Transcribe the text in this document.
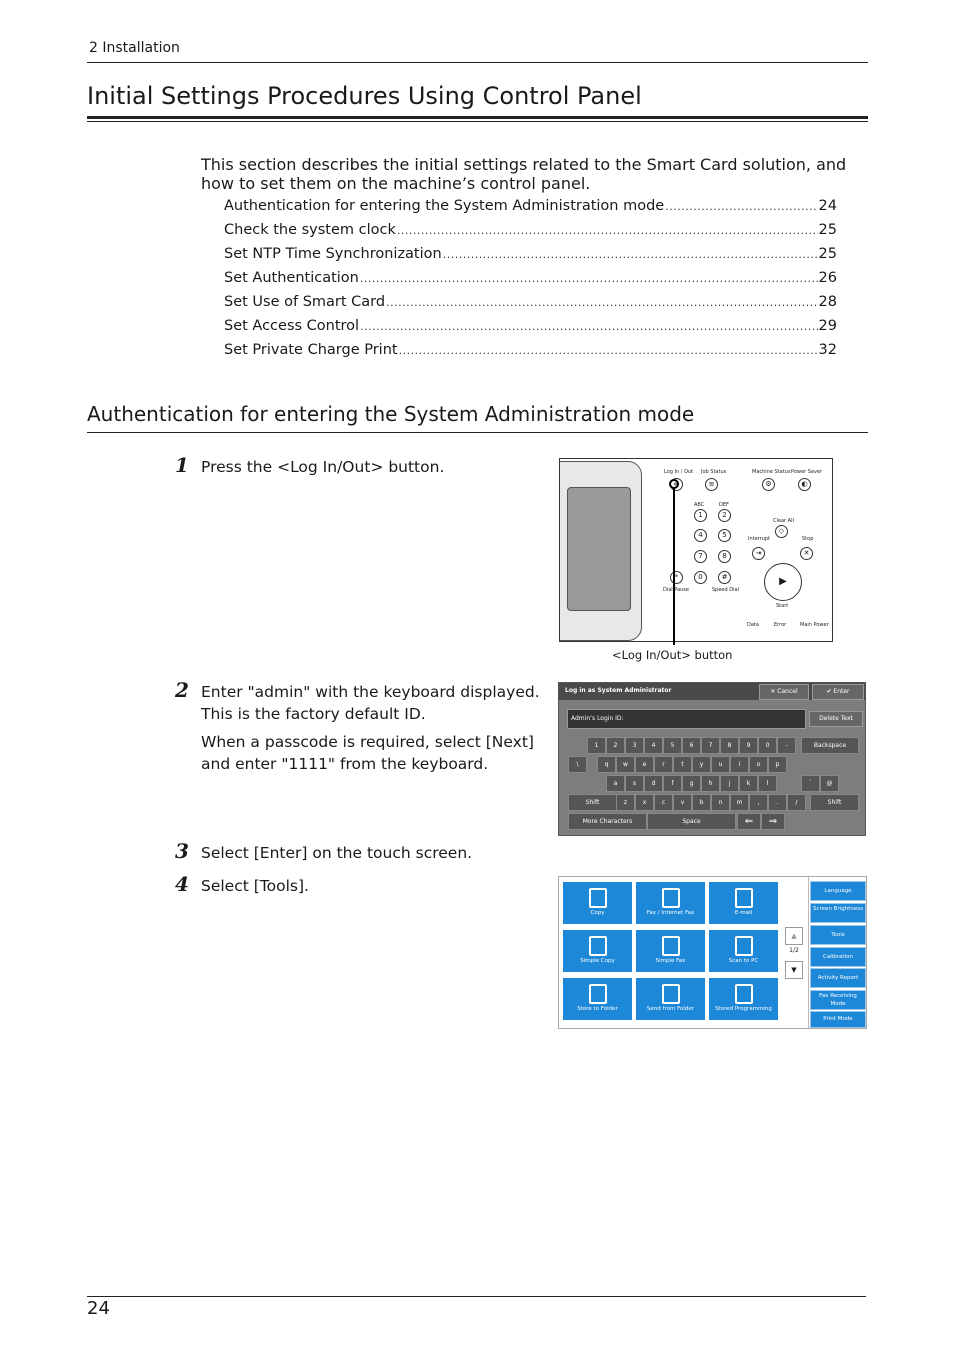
2 Installation
Initial Settings Procedures Using Control Panel
This section describes the initial settings related to the Smart Card solution, and how to set them on the machine’s control panel.
Authentication for entering the System Administration mode .....	24
Check the system clock .....	25
Set NTP Time Synchronization .....	25
Set Authentication .....	26
Set Use of Smart Card .....	28
Set Access Control .....	29
Set Private Charge Print .....	32
Authentication for entering the System Administration mode
1 Press the <Log In/Out> button.	Log In / Out Job Status	Machine Status Power Saver
⎆	≡	⚙	◐
1	2
4	5
7	8
*	0	#
ABC	DEF
Dial Pause	Speed Dial
Clear All
Interrupt	Stop
◇
⇥	✕
▶
Start
Data	Error	Main Power
<Log In/Out> button
2 Enter "admin" with the keyboard displayed. This is the factory default ID.
When a passcode is required, select [Next] and enter "1111" from the keyboard.
Log in as System Administrator	✕ Cancel	✔ Enter
Admin’s Login ID:	Delete Text
1	2	3	4	5	6	7	8	9	0	-	Backspace
\	q	w	e	r	t	y	u	i	o	p
a	s	d	f	g	h	j	k	l	`	@
Shift	z	x	c	v	b	n	m	,	.	/	Shift
More Characters	Space	⇐	⇒
3 Select [Enter] on the touch screen.
4 Select [Tools].
Copy	Fax / Internet Fax	E-mail
Simple Copy	Simple Fax	Scan to PC
Store to Folder	Send from Folder	Stored Programming
▲
1/2
▼
Language
Screen Brightness
Tools
Calibration
Activity Report
Fax Receiving Mode
Print Mode
24
